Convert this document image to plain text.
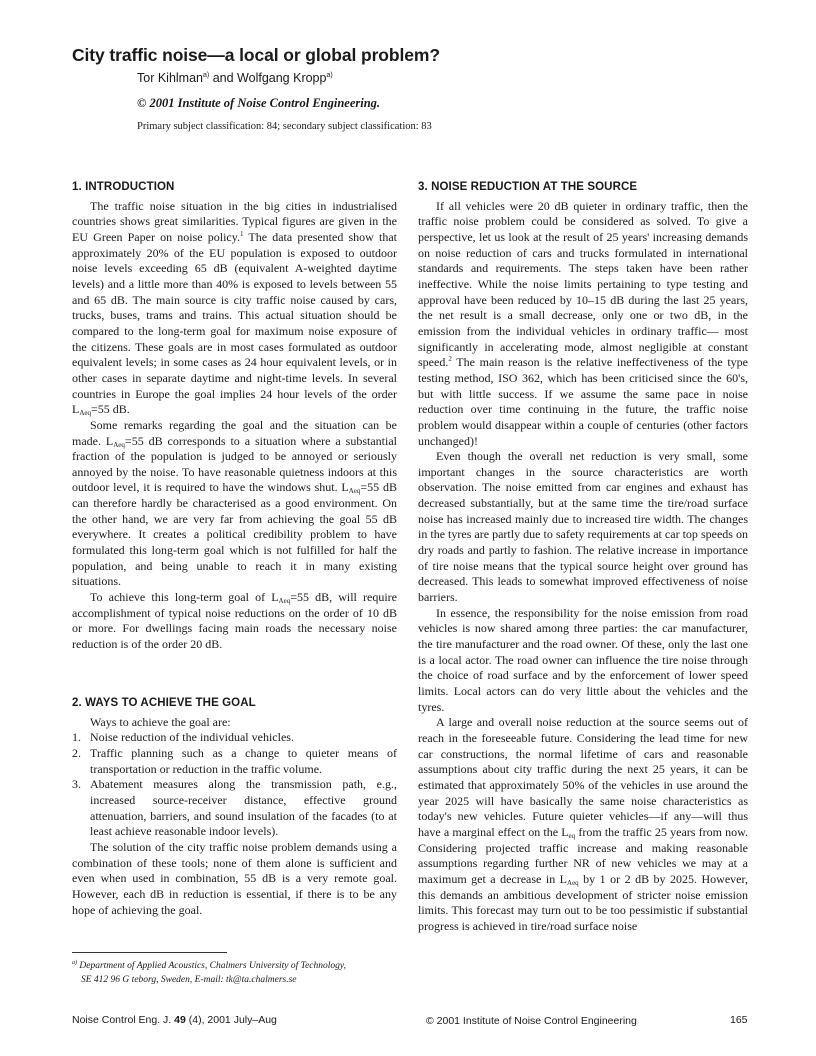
City traffic noise—a local or global problem?
Tor Kihlman$^{a)}$ and Wolfgang Kropp$^{a)}$
© 2001 Institute of Noise Control Engineering.
Primary subject classification: 84; secondary subject classification: 83
1. INTRODUCTION

The traffic noise situation in the big cities in industrialised countries shows great similarities. Typical figures are given in the EU Green Paper on noise policy.$^1$ The data presented show that approximately 20% of the EU population is exposed to outdoor noise levels exceeding 65 dB (equivalent A-weighted daytime levels) and a little more than 40% is exposed to levels between 55 and 65 dB. The main source is city traffic noise caused by cars, trucks, buses, trams and trains. This actual situation should be compared to the long-term goal for maximum noise exposure of the citizens. These goals are in most cases formulated as outdoor equivalent levels; in some cases as 24 hour equivalent levels, or in other cases in separate daytime and night-time levels. In several countries in Europe the goal implies 24 hour levels of the order $L_{Aeq}=55$ dB.

Some remarks regarding the goal and the situation can be made. $L_{Aeq}=55$ dB corresponds to a situation where a substantial fraction of the population is judged to be annoyed or seriously annoyed by the noise. To have reasonable quietness indoors at this outdoor level, it is required to have the windows shut. $L_{Aeq}=55$ dB can therefore hardly be characterised as a good environment. On the other hand, we are very far from achieving the goal 55 dB everywhere. It creates a political credibility problem to have formulated this long-term goal which is not fulfilled for half the population, and being unable to reach it in many existing situations.

To achieve this long-term goal of $L_{Aeq}=55$ dB, will require accomplishment of typical noise reductions on the order of 10 dB or more. For dwellings facing main roads the necessary noise reduction is of the order 20 dB.

2. WAYS TO ACHIEVE THE GOAL

Ways to achieve the goal are:

1. Noise reduction of the individual vehicles.
2. Traffic planning such as a change to quieter means of transportation or reduction in the traffic volume.
3. Abatement measures along the transmission path, e.g., increased source-receiver distance, effective ground attenuation, barriers, and sound insulation of the facades (to at least achieve reasonable indoor levels).

The solution of the city traffic noise problem demands using a combination of these tools; none of them alone is sufficient and even when used in combination, 55 dB is a very remote goal. However, each dB in reduction is essential, if there is to be any hope of achieving the goal.

$^{a)}$ Department of Applied Acoustics, Chalmers University of Technology,
SE 412 96 G teborg, Sweden, E-mail: tk@ta.chalmers.se
3. NOISE REDUCTION AT THE SOURCE

If all vehicles were 20 dB quieter in ordinary traffic, then the traffic noise problem could be considered as solved. To give a perspective, let us look at the result of 25 years' increasing demands on noise reduction of cars and trucks formulated in international standards and requirements. The steps taken have been rather ineffective. While the noise limits pertaining to type testing and approval have been reduced by 10–15 dB during the last 25 years, the net result is a small decrease, only one or two dB, in the emission from the individual vehicles in ordinary traffic— most significantly in accelerating mode, almost negligible at constant speed.$^2$ The main reason is the relative ineffectiveness of the type testing method, ISO 362, which has been criticised since the 60's, but with little success. If we assume the same pace in noise reduction over time continuing in the future, the traffic noise problem would disappear within a couple of centuries (other factors unchanged)!

Even though the overall net reduction is very small, some important changes in the source characteristics are worth observation. The noise emitted from car engines and exhaust has decreased substantially, but at the same time the tire/road surface noise has increased mainly due to increased tire width. The changes in the tyres are partly due to safety requirements at car top speeds on dry roads and partly to fashion. The relative increase in importance of tire noise means that the typical source height over ground has decreased. This leads to somewhat improved effectiveness of noise barriers.

In essence, the responsibility for the noise emission from road vehicles is now shared among three parties: the car manufacturer, the tire manufacturer and the road owner. Of these, only the last one is a local actor. The road owner can influence the tire noise through the choice of road surface and by the enforcement of lower speed limits. Local actors can do very little about the vehicles and the tyres.

A large and overall noise reduction at the source seems out of reach in the foreseeable future. Considering the lead time for new car constructions, the normal lifetime of cars and reasonable assumptions about city traffic during the next 25 years, it can be estimated that approximately 50% of the vehicles in use around the year 2025 will have basically the same noise characteristics as today's new vehicles. Future quieter vehicles—if any—will thus have a marginal effect on the $L_{eq}$ from the traffic 25 years from now. Considering projected traffic increase and making reasonable assumptions regarding further NR of new vehicles we may at a maximum get a decrease in $L_{Aeq}$ by 1 or 2 dB by 2025. However, this demands an ambitious development of stricter noise emission limits. This forecast may turn out to be too pessimistic if substantial progress is achieved in tire/road surface noise

Noise Control Eng. J. 49 (4), 2001 July–Aug	© 2001 Institute of Noise Control Engineering	165
